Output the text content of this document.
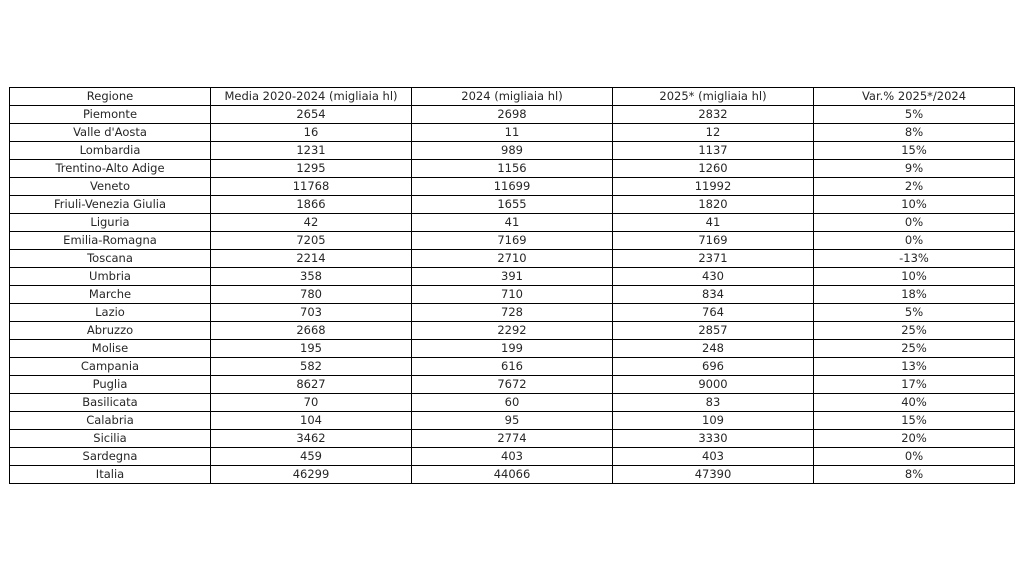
Regione	Media 2020-2024 (migliaia hl)	2024 (migliaia hl)	2025* (migliaia hl)	Var.% 2025*/2024
Piemonte	2654	2698	2832	5%
Valle d'Aosta	16	11	12	8%
Lombardia	1231	989	1137	15%
Trentino-Alto Adige	1295	1156	1260	9%
Veneto	11768	11699	11992	2%
Friuli-Venezia Giulia	1866	1655	1820	10%
Liguria	42	41	41	0%
Emilia-Romagna	7205	7169	7169	0%
Toscana	2214	2710	2371	-13%
Umbria	358	391	430	10%
Marche	780	710	834	18%
Lazio	703	728	764	5%
Abruzzo	2668	2292	2857	25%
Molise	195	199	248	25%
Campania	582	616	696	13%
Puglia	8627	7672	9000	17%
Basilicata	70	60	83	40%
Calabria	104	95	109	15%
Sicilia	3462	2774	3330	20%
Sardegna	459	403	403	0%
Italia	46299	44066	47390	8%
